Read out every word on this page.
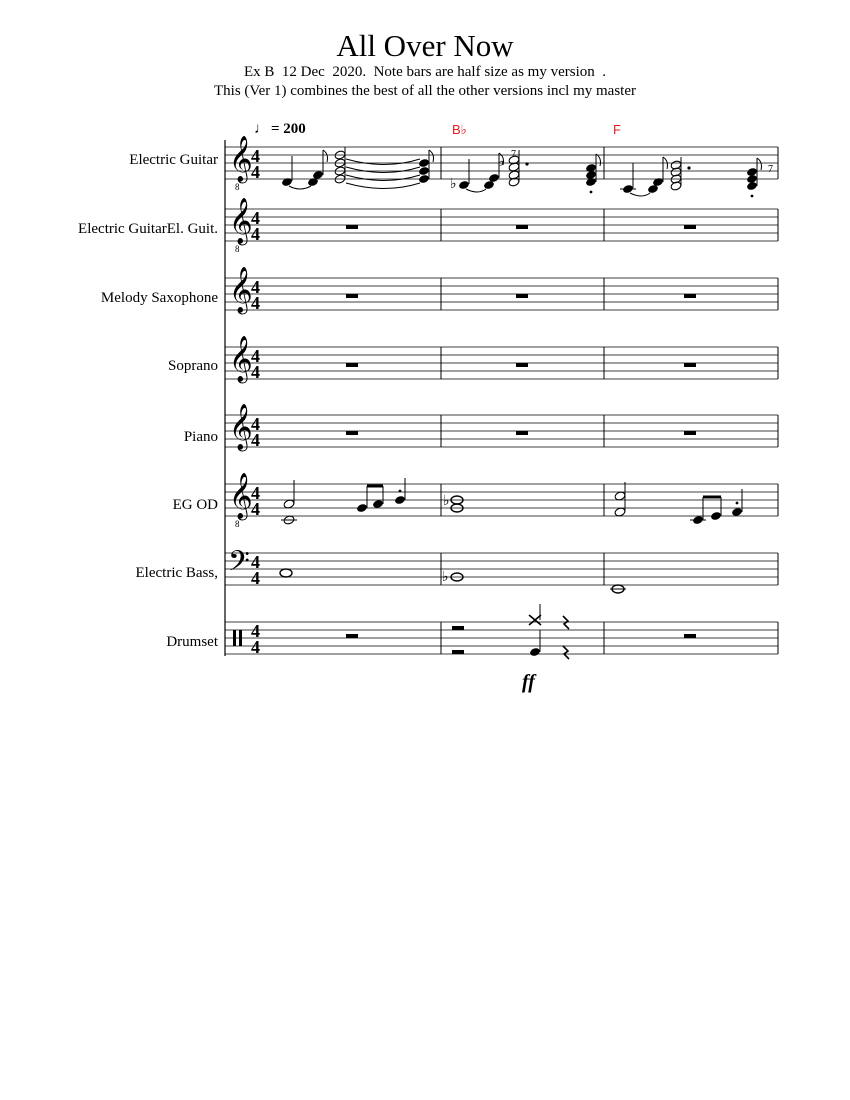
All Over Now
Ex B  12 Dec  2020.  Note bars are half size as my version  .
This (Ver 1) combines the best of all the other versions incl my master
Electric Guitar
Electric GuitarEl. Guit.
Melody Saxophone
Soprano
Piano
EG OD
Electric Bass,
Drumset
♩ = 200	B♭	F
ff
𝄞
8
𝄞
8
𝄞
𝄞
𝄞
𝄞
8
𝄢
4
4
4
4
4
4
4
4
4
4
4
4
4
4
4
4
♭
♭ 7
7
♭
♭
